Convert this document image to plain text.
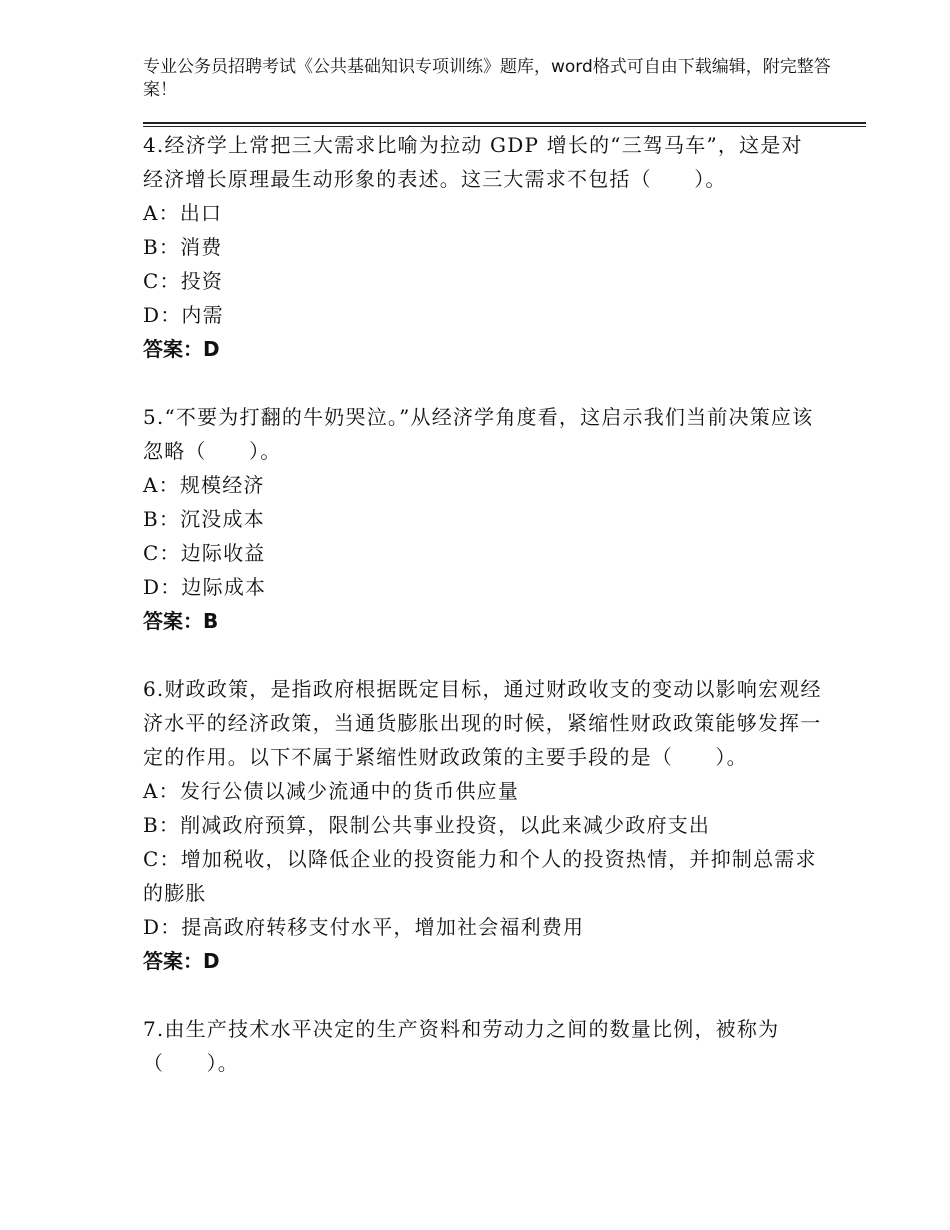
专业公务员招聘考试《公共基础知识专项训练》题库，word格式可自由下载编辑，附完整答案！

4.经济学上常把三大需求比喻为拉动 GDP 增长的“三驾马车”，这是对经济增长原理最生动形象的表述。这三大需求不包括（　　）。

A：出口

B：消费

C：投资

D：内需

答案：D

5.“不要为打翻的牛奶哭泣。”从经济学角度看，这启示我们当前决策应该忽略（　　）。

A：规模经济

B：沉没成本

C：边际收益

D：边际成本

答案：B

6.财政政策，是指政府根据既定目标，通过财政收支的变动以影响宏观经济水平的经济政策，当通货膨胀出现的时候，紧缩性财政政策能够发挥一定的作用。以下不属于紧缩性财政政策的主要手段的是（　　）。

A：发行公债以减少流通中的货币供应量

B：削减政府预算，限制公共事业投资，以此来减少政府支出

C：增加税收，以降低企业的投资能力和个人的投资热情，并抑制总需求的膨胀

D：提高政府转移支付水平，增加社会福利费用

答案：D

7.由生产技术水平决定的生产资料和劳动力之间的数量比例，被称为（　　）。
